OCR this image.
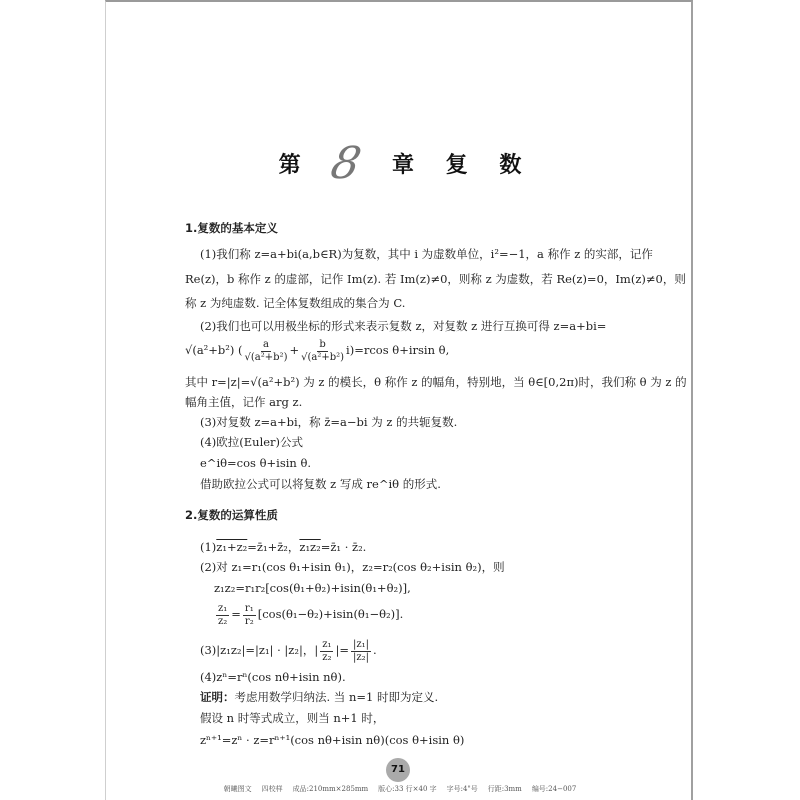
第 8 章 复 数
1.复数的基本定义
(1)我们称 z=a+bi(a,b∈R)为复数，其中 i 为虚数单位，i²=−1，a 称作 z 的实部，记作
Re(z)，b 称作 z 的虚部，记作 Im(z). 若 Im(z)≠0，则称 z 为虚数，若 Re(z)=0，Im(z)≠0，则
称 z 为纯虚数. 记全体复数组成的集合为 C.
(2)我们也可以用极坐标的形式来表示复数 z，对复数 z 进行互换可得 z=a+bi=
√(a²+b²) ( $\frac{a}{\text{√(a²+b²)}} + \frac{b}{\text{√(a²+b²)}} i)=rcos$ θ+irsin θ,
其中 r=|z|=√(a²+b²) 为 z 的模长，θ 称作 z 的幅角，特别地，当 θ∈[0,2π)时，我们称 θ 为 z 的
幅角主值，记作 arg z.
(3)对复数 z=a+bi，称 z̄=a−bi 为 z 的共轭复数.
(4)欧拉(Euler)公式
e^iθ=cos θ+isin θ.
借助欧拉公式可以将复数 z 写成 re^iθ 的形式.
2.复数的运算性质
(1)z₁+z₂=z̄₁+z̄₂，z₁z₂=z̄₁ · z̄₂.
(2)对 z₁=r₁(cos θ₁+isin θ₁)，z₂=r₂(cos θ₂+isin θ₂)，则
z₁z₂=r₁r₂[cos(θ₁+θ₂)+isin(θ₁+θ₂)],
$\frac{\text{z₁}}{\text{z₂}} = \frac{\text{r₁}}{\text{r₂}} [\cos(\theta_1-\theta_2)+isin(\theta_1-\theta_2)]$.
(3)|z₁z₂|=|z₁| · |z₂|，| $\frac{\text{z₁}}{\text{z₂}}$ |= $\frac{\text{|z₁|}}{\text{|z₂|}}$ .
(4)zⁿ=rⁿ(cos nθ+isin nθ).
证明：考虑用数学归纳法. 当 n=1 时即为定义.
假设 n 时等式成立，则当 n+1 时，
zⁿ⁺¹=zⁿ · z=rⁿ⁺¹(cos nθ+isin nθ)(cos θ+isin θ)
71
朝曦图文 四校样 成品:210mm×285mm 版心:33 行×40 字 字号:4"号 行距:3mm 编号:24−007
